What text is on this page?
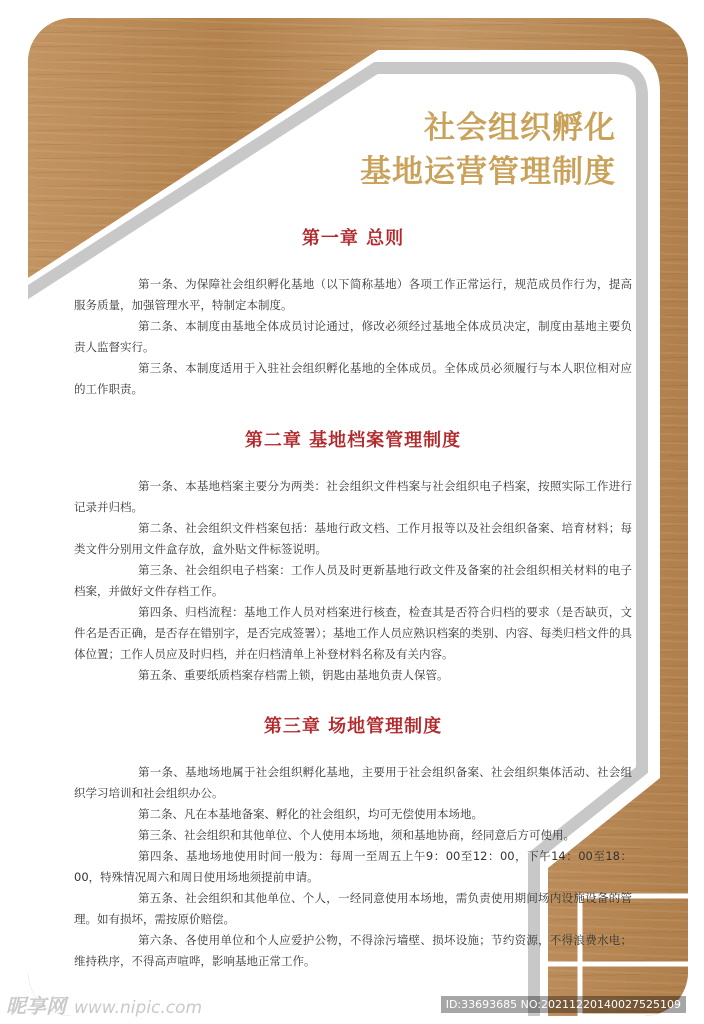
社会组织孵化
基地运营管理制度
第一章 总则

第一条、为保障社会组织孵化基地（以下简称基地）各项工作正常运行，规范成员作行为，提高服务质量，加强管理水平，特制定本制度。

第二条、本制度由基地全体成员讨论通过，修改必须经过基地全体成员决定，制度由基地主要负责人监督实行。

第三条、本制度适用于入驻社会组织孵化基地的全体成员。全体成员必须履行与本人职位相对应的工作职责。

第二章 基地档案管理制度

第一条、本基地档案主要分为两类：社会组织文件档案与社会组织电子档案，按照实际工作进行记录并归档。

第二条、社会组织文件档案包括：基地行政文档、工作月报等以及社会组织备案、培育材料；每类文件分别用文件盒存放，盒外贴文件标签说明。

第三条、社会组织电子档案：工作人员及时更新基地行政文件及备案的社会组织相关材料的电子档案，并做好文件存档工作。

第四条、归档流程：基地工作人员对档案进行核查，检查其是否符合归档的要求（是否缺页，文件名是否正确，是否存在错别字，是否完成签署）；基地工作人员应熟识档案的类别、内容、每类归档文件的具体位置；工作人员应及时归档，并在归档清单上补登材料名称及有关内容。

第五条、重要纸质档案存档需上锁，钥匙由基地负责人保管。

第三章 场地管理制度

第一条、基地场地属于社会组织孵化基地，主要用于社会组织备案、社会组织集体活动、社会组织学习培训和社会组织办公。

第二条、凡在本基地备案、孵化的社会组织，均可无偿使用本场地。

第三条、社会组织和其他单位、个人使用本场地，须和基地协商，经同意后方可使用。

第四条、基地场地使用时间一般为：每周一至周五上午9：00至12：00，下午14：00至18：00，特殊情况周六和周日使用场地须提前申请。

第五条、社会组织和其他单位、个人，一经同意使用本场地，需负责使用期间场内设施设备的管理。如有损坏，需按原价赔偿。

第六条、各使用单位和个人应爱护公物，不得涂污墙壁、损坏设施；节约资源，不得浪费水电；维持秩序，不得高声喧哗，影响基地正常工作。

昵享网 www.nipic.com	ID:33693685 NO:20211220140027525109
